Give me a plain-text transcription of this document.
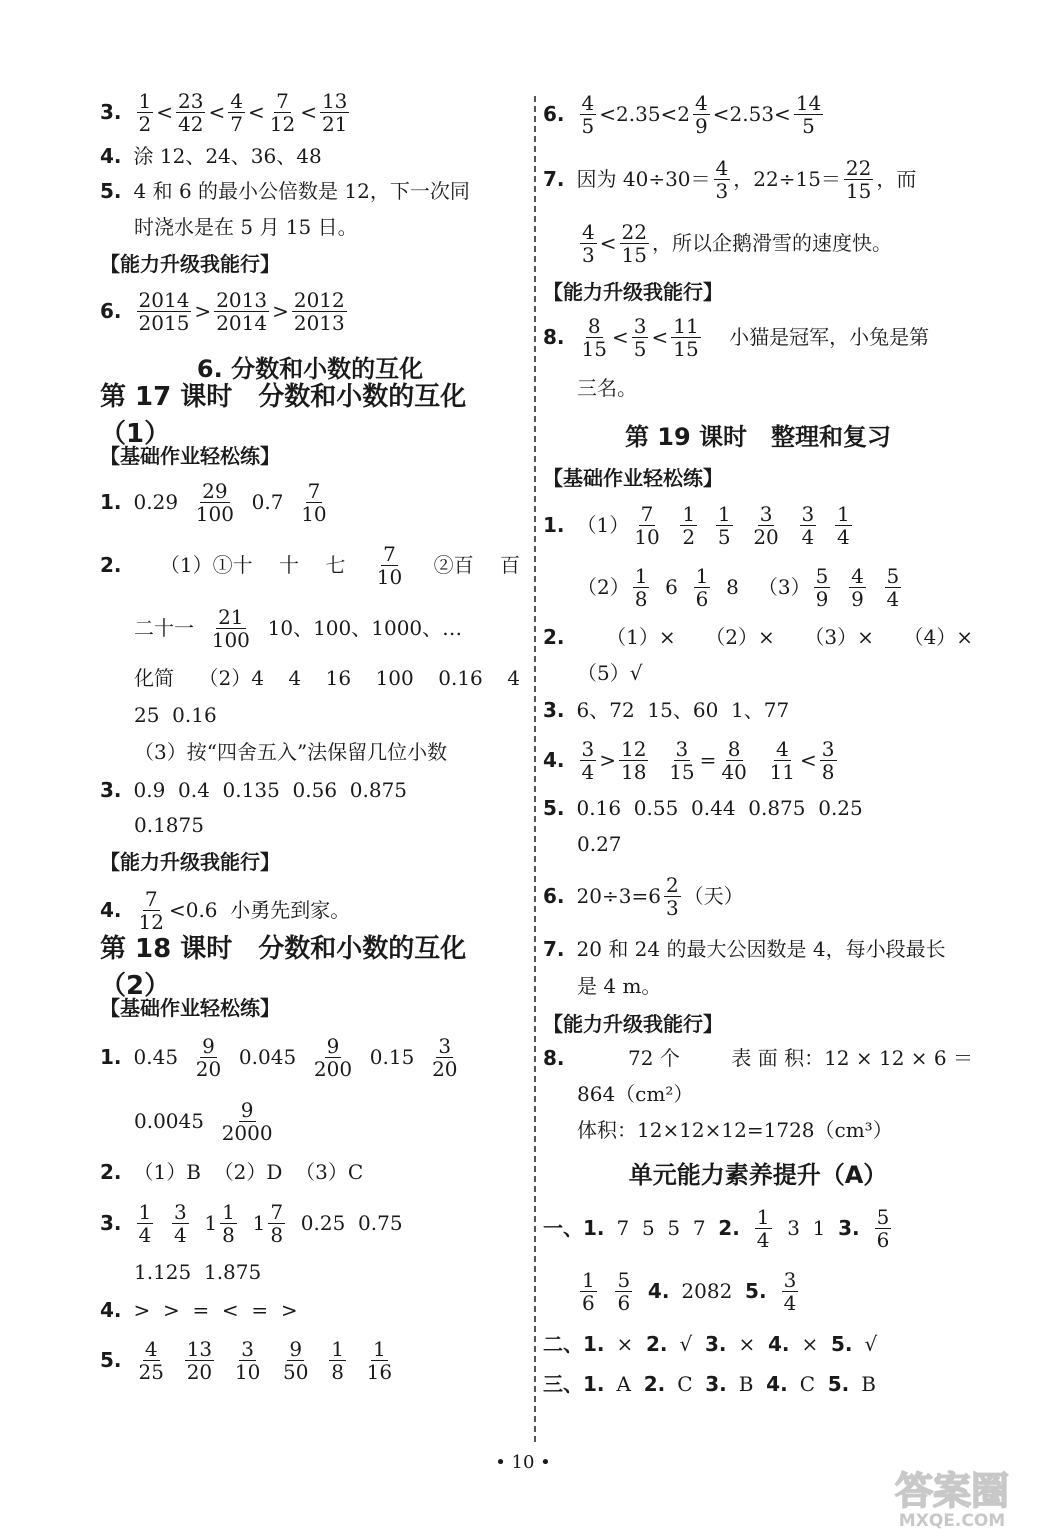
3. $\frac{1}{2} < \frac{23}{42} < \frac{4}{7} < \frac{7}{12} < \frac{13}{21}$
4. 涂 12、24、36、48
5. 4 和 6 的最小公倍数是 12，下一次同
时浇水是在 5 月 15 日。
【能力升级我能行】
6. $\frac{2014}{2015} > \frac{2013}{2014} > \frac{2012}{2013}$
6. 分数和小数的互化
第 17 课时　分数和小数的互化（1）
【基础作业轻松练】
1. $0.29 \frac{29}{100} 0.7 \frac{7}{10}$
2. （1）①十 十 七 $\frac{7}{10}$ ②百 百
二十一 $\frac{21}{100} 10$、100、1000、…
化简 （2）4 4 16 100 0.16 4
25  0.16
（3）按“四舍五入”法保留几位小数
3. 0.9  0.4  0.135  0.56  0.875
0.1875
【能力升级我能行】
4. $\frac{7}{12} <0.6$  小勇先到家。
第 18 课时　分数和小数的互化（2）
【基础作业轻松练】
1. $0.45 \frac{9}{20} 0.045 \frac{9}{200} 0.15 \frac{3}{20}$
$0.0045 \frac{9}{2000}$
2. （1）B  （2）D  （3）C
3. $\frac{1}{4}$
$\frac{3}{4} 1 \frac{1}{8} 1 \frac{7}{8} 0.25$  0.75
1.125  1.875
4. >  >  =  <  =  >
5. $\frac{4}{25}$
$\frac{13}{20}$
$\frac{3}{10}$
$\frac{9}{50}$
$\frac{1}{8}$
$\frac{1}{16}$
6. $\frac{4}{5} <2.35<2 \frac{4}{9} <2.53< \frac{14}{5}$
7. 因为 $40\div 30= \frac{4}{3}$ ，$22\div 15= \frac{22}{15}$ ，而
$\frac{4}{3} < \frac{22}{15}$ ，所以企鹅滑雪的速度快。
【能力升级我能行】
8. $\frac{8}{15} < \frac{3}{5} < \frac{11}{15}$ 小猫是冠军，小兔是第
三名。
第 19 课时　整理和复习
【基础作业轻松练】
1. $(1) \frac{7}{10}$
$\frac{1}{2}$
$\frac{1}{5}$
$\frac{3}{20}$
$\frac{3}{4}$
$\frac{1}{4}$
$(2) \frac{1}{8} 6 \frac{1}{6} 8$   $(3) \frac{5}{9}$
$\frac{4}{9}$
$\frac{5}{4}$
2. （1）× （2）× （3）× （4）×
（5）√
3. 6、72  15、60  1、77
4. $\frac{3}{4} > \frac{12}{18}$
$\frac{3}{15} = \frac{8}{40}$
$\frac{4}{11} < \frac{3}{8}$
5. 0.16  0.55  0.44  0.875  0.25
0.27
6. $20\div 3=6 \frac{2}{3}$ （天）
7. 20 和 24 的最大公因数是 4，每小段最长
是 4 m。
【能力升级我能行】
8.	72 个	表 面 积：12 × 12 × 6 ＝
864（cm²）
体积：12×12×12=1728（cm³）
单元能力素养提升（A）
一、1. 7  5  5  7 2. $\frac{1}{4} 3$  1 3. $\frac{5}{6}$
$\frac{1}{6}$
$\frac{5}{6}$
4. 2082 5. $\frac{3}{4}$
二、1. × 2. √ 3. × 4. × 5. √
三、1. A 2. C 3. B 4. C 5. B
• 10 •
答案圈
MXQE.COM
